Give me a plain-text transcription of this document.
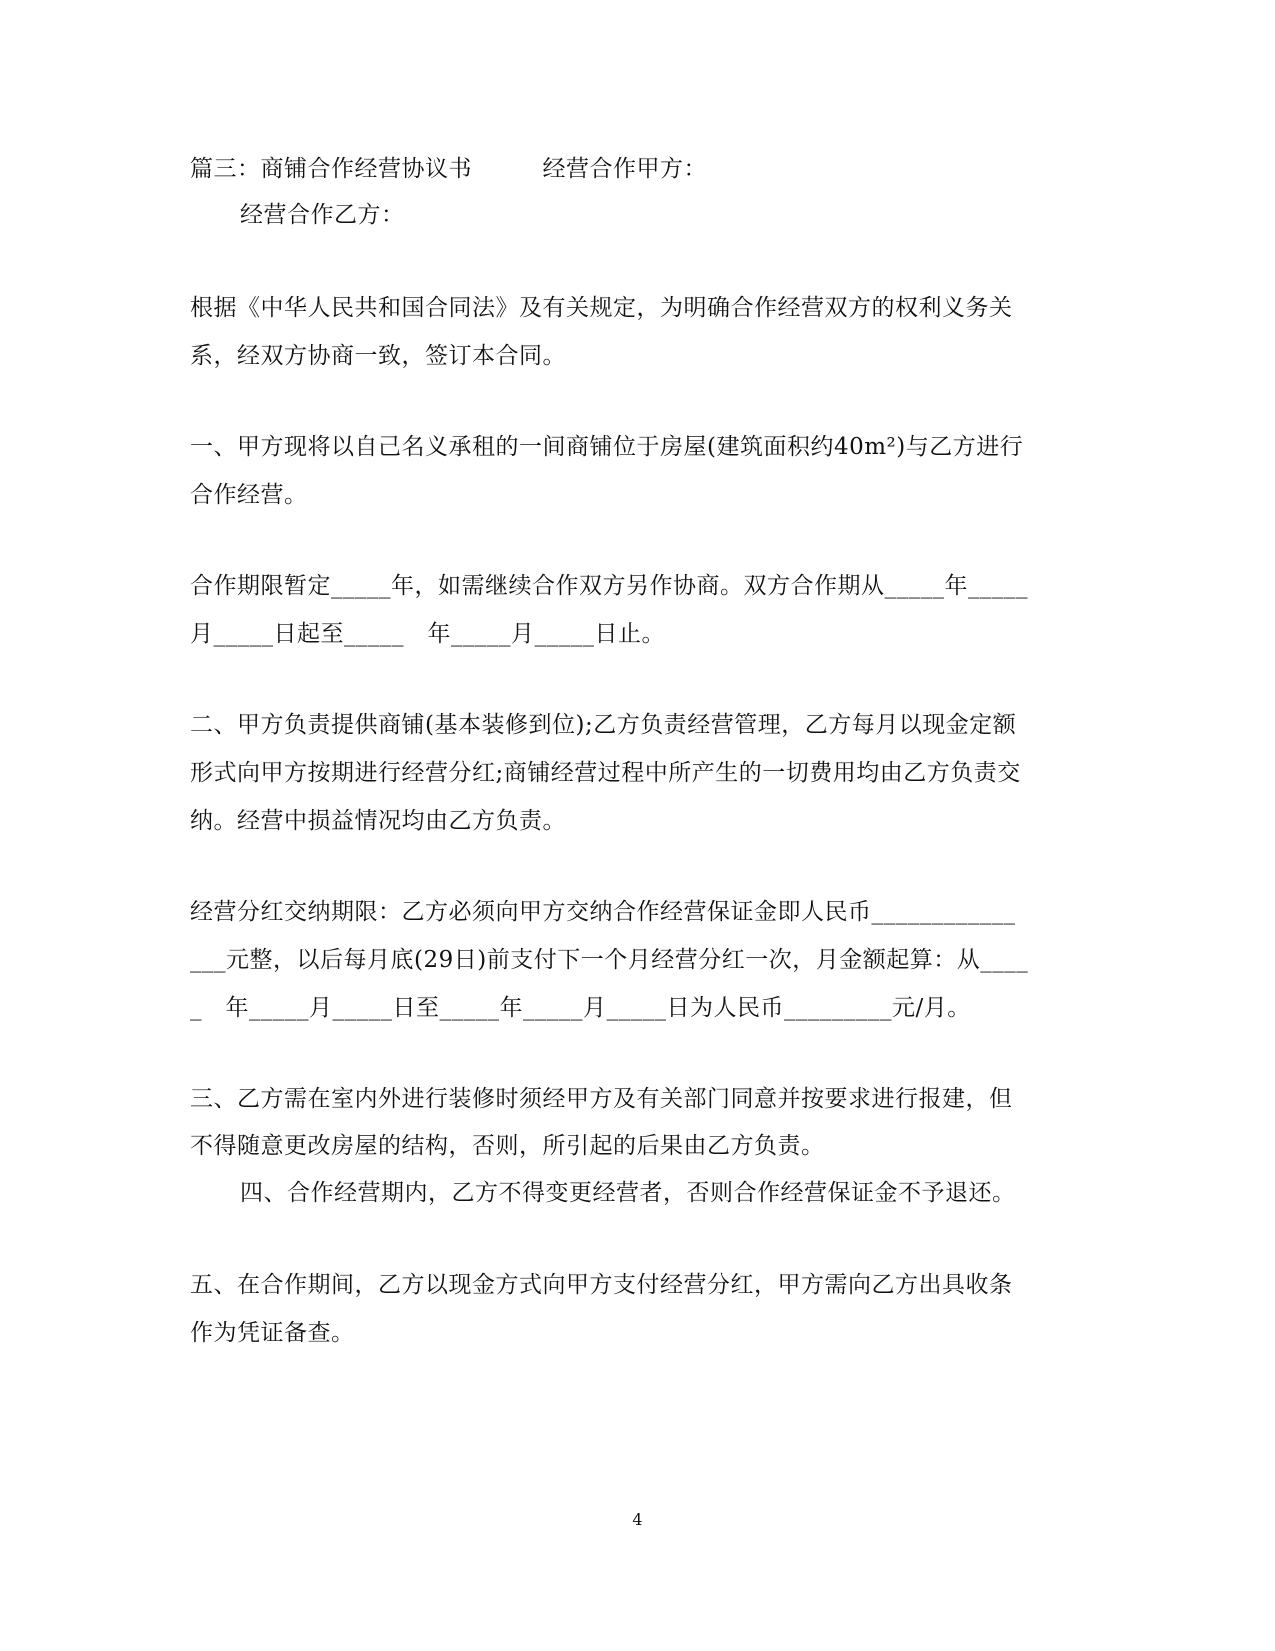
篇三：商铺合作经营协议书　　　经营合作甲方：
经营合作乙方：
根据《中华人民共和国合同法》及有关规定，为明确合作经营双方的权利义务关
系，经双方协商一致，签订本合同。
一、甲方现将以自己名义承租的一间商铺位于房屋(建筑面积约40m²)与乙方进行
合作经营。
合作期限暂定_____年，如需继续合作双方另作协商。双方合作期从_____年_____
月_____日起至_____　年_____月_____日止。
二、甲方负责提供商铺(基本装修到位);乙方负责经营管理，乙方每月以现金定额
形式向甲方按期进行经营分红;商铺经营过程中所产生的一切费用均由乙方负责交
纳。经营中损益情况均由乙方负责。
经营分红交纳期限：乙方必须向甲方交纳合作经营保证金即人民币____________
___元整，以后每月底(29日)前支付下一个月经营分红一次，月金额起算：从____
_　年_____月_____日至_____年_____月_____日为人民币_________元/月。
三、乙方需在室内外进行装修时须经甲方及有关部门同意并按要求进行报建，但
不得随意更改房屋的结构，否则，所引起的后果由乙方负责。
四、合作经营期内，乙方不得变更经营者，否则合作经营保证金不予退还。
五、在合作期间，乙方以现金方式向甲方支付经营分红，甲方需向乙方出具收条
作为凭证备查。
4
